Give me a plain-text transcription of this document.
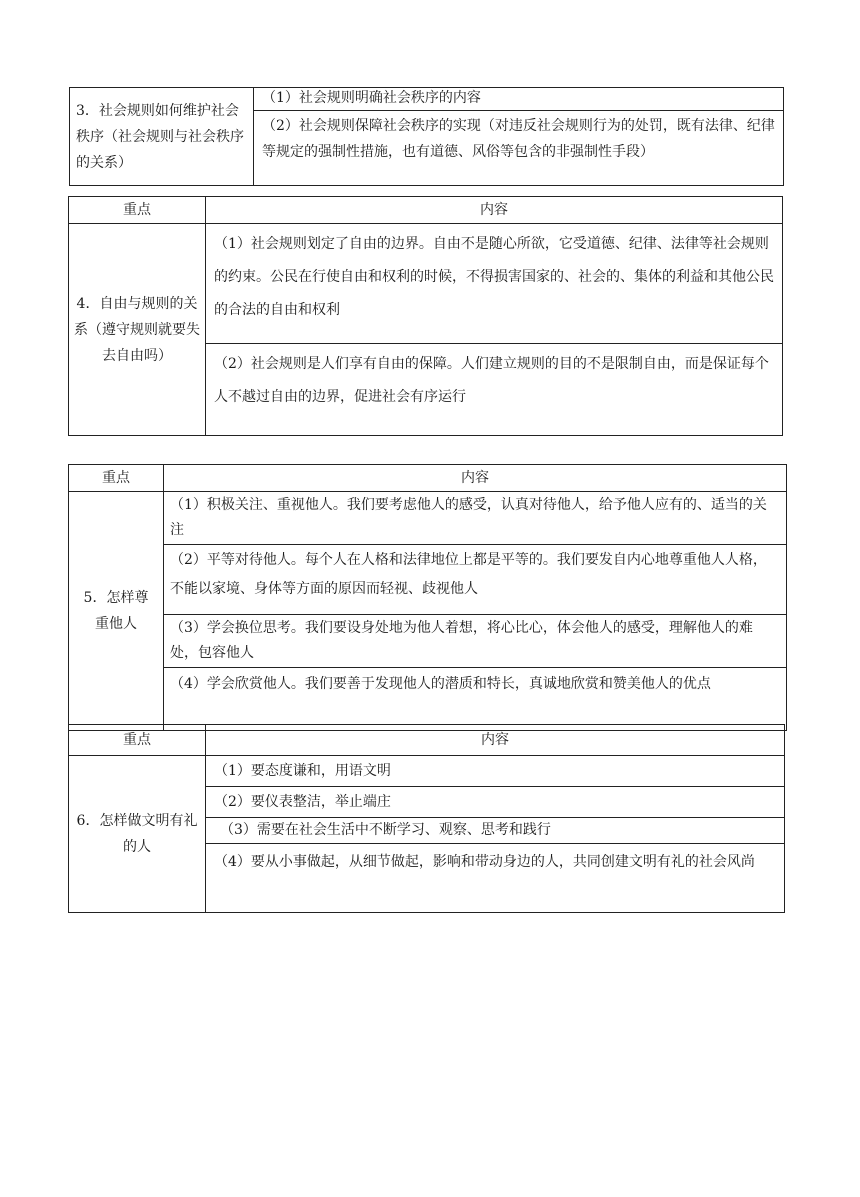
3．社会规则如何维护社会秩序（社会规则与社会秩序的关系）	（1）社会规则明确社会秩序的内容
（2）社会规则保障社会秩序的实现（对违反社会规则行为的处罚，既有法律、纪律等规定的强制性措施，也有道德、风俗等包含的非强制性手段）
重点	内容
4．自由与规则的关系（遵守规则就要失去自由吗）	（1）社会规则划定了自由的边界。自由不是随心所欲，它受道德、纪律、法律等社会规则的约束。公民在行使自由和权利的时候，不得损害国家的、社会的、集体的利益和其他公民的合法的自由和权利
	（2）社会规则是人们享有自由的保障。人们建立规则的目的不是限制自由，而是保证每个人不越过自由的边界，促进社会有序运行
重点	内容
5．怎样尊重他人	（1）积极关注、重视他人。我们要考虑他人的感受，认真对待他人，给予他人应有的、适当的关注
	（2）平等对待他人。每个人在人格和法律地位上都是平等的。我们要发自内心地尊重他人人格，不能以家境、身体等方面的原因而轻视、歧视他人
	（3）学会换位思考。我们要设身处地为他人着想，将心比心，体会他人的感受，理解他人的难处，包容他人
	（4）学会欣赏他人。我们要善于发现他人的潜质和特长，真诚地欣赏和赞美他人的优点
重点	内容
6．怎样做文明有礼的人	（1）要态度谦和，用语文明
	（2）要仪表整洁，举止端庄
	（3）需要在社会生活中不断学习、观察、思考和践行
	（4）要从小事做起，从细节做起，影响和带动身边的人，共同创建文明有礼的社会风尚
